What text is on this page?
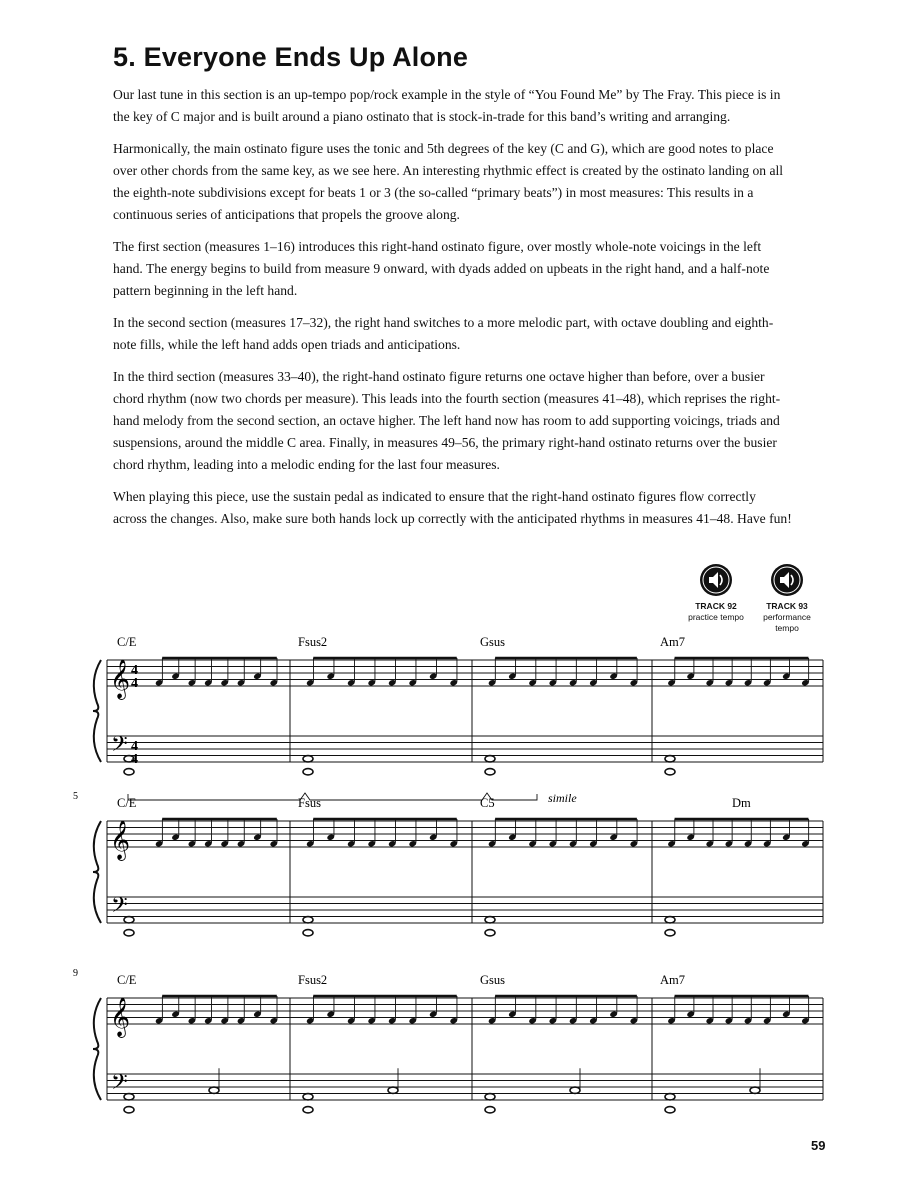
5. Everyone Ends Up Alone

Our last tune in this section is an up-tempo pop/rock example in the style of “You Found Me” by The Fray. This piece is in the key of C major and is built around a piano ostinato that is stock-in-trade for this band’s writing and arranging.

Harmonically, the main ostinato figure uses the tonic and 5th degrees of the key (C and G), which are good notes to place over other chords from the same key, as we see here. An interesting rhythmic effect is created by the ostinato landing on all the eighth-note subdivisions except for beats 1 or 3 (the so-called “primary beats”) in most measures: This results in a continuous series of anticipations that propels the groove along.

The first section (measures 1–16) introduces this right-hand ostinato figure, over mostly whole-note voicings in the left hand. The energy begins to build from measure 9 onward, with dyads added on upbeats in the right hand, and a half-note pattern beginning in the left hand.

In the second section (measures 17–32), the right hand switches to a more melodic part, with octave doubling and eighth-note fills, while the left hand adds open triads and anticipations.

In the third section (measures 33–40), the right-hand ostinato figure returns one octave higher than before, over a busier chord rhythm (now two chords per measure). This leads into the fourth section (measures 41–48), which reprises the right-hand melody from the second section, an octave higher. The left hand now has room to add supporting voicings, triads and suspensions, around the middle C area. Finally, in measures 49–56, the primary right-hand ostinato returns over the busier chord rhythm, leading into a melodic ending for the last four measures.

When playing this piece, use the sustain pedal as indicated to ensure that the right-hand ostinato figures flow correctly across the changes. Also, make sure both hands lock up correctly with the anticipated rhythms in measures 41–48. Have fun!

TRACK 92
practice tempo
TRACK 93
performance tempo
𝄞
𝄢
4
4
4
4
C/E	Fsus2	Gsus	Am7
simile
𝄞
𝄢
5	C/E	Fsus	C5	Dm
𝄞
𝄢
9	C/E	Fsus2	Gsus	Am7
59
